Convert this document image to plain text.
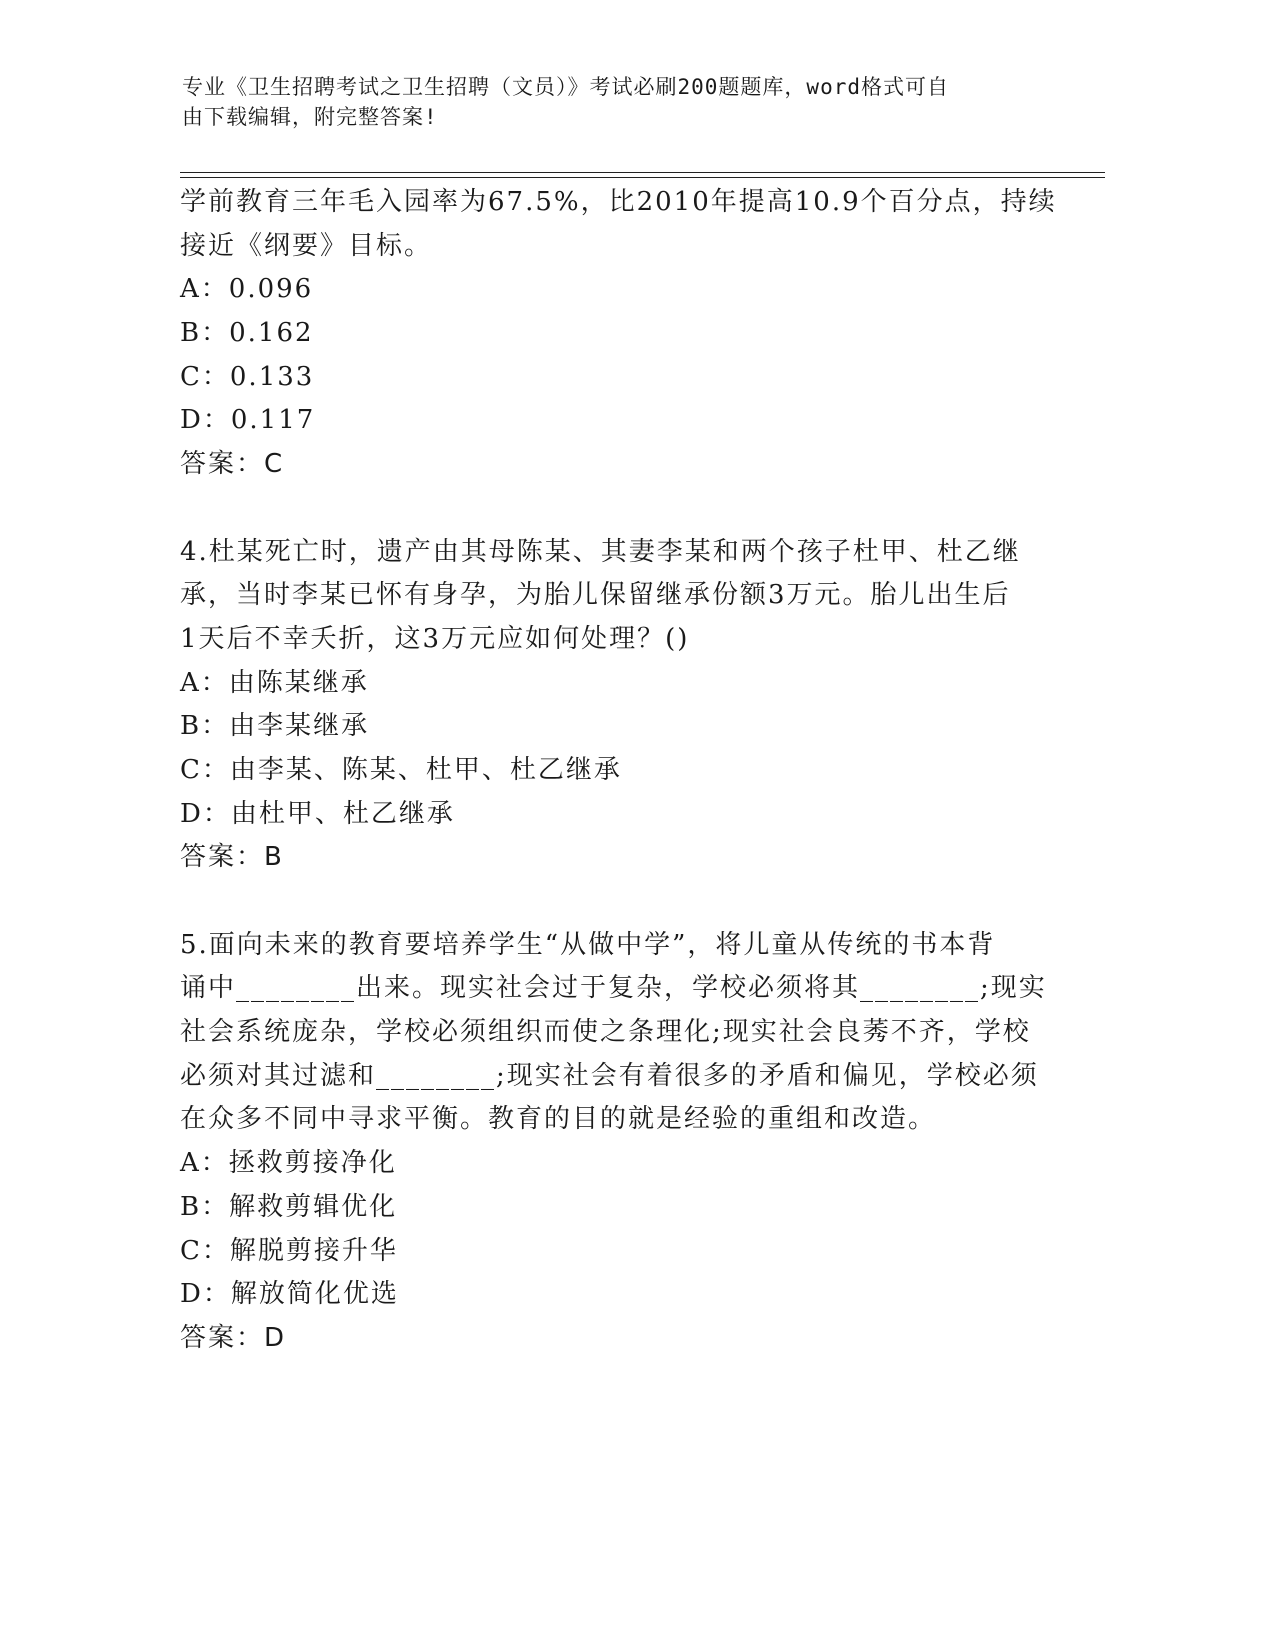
专业《卫生招聘考试之卫生招聘（文员）》考试必刷200题题库，word格式可自
由下载编辑，附完整答案!
学前教育三年毛入园率为67.5%，比2010年提高10.9个百分点，持续
接近《纲要》目标。
A：0.096
B：0.162
C：0.133
D：0.117
答案：C
4.杜某死亡时，遗产由其母陈某、其妻李某和两个孩子杜甲、杜乙继
承，当时李某已怀有身孕，为胎儿保留继承份额3万元。胎儿出生后
1天后不幸夭折，这3万元应如何处理？()
A：由陈某继承
B：由李某继承
C：由李某、陈某、杜甲、杜乙继承
D：由杜甲、杜乙继承
答案：B
5.面向未来的教育要培养学生“从做中学”，将儿童从传统的书本背
诵中________出来。现实社会过于复杂，学校必须将其________;现实
社会系统庞杂，学校必须组织而使之条理化;现实社会良莠不齐，学校
必须对其过滤和________;现实社会有着很多的矛盾和偏见，学校必须
在众多不同中寻求平衡。教育的目的就是经验的重组和改造。
A：拯救剪接净化
B：解救剪辑优化
C：解脱剪接升华
D：解放简化优选
答案：D
